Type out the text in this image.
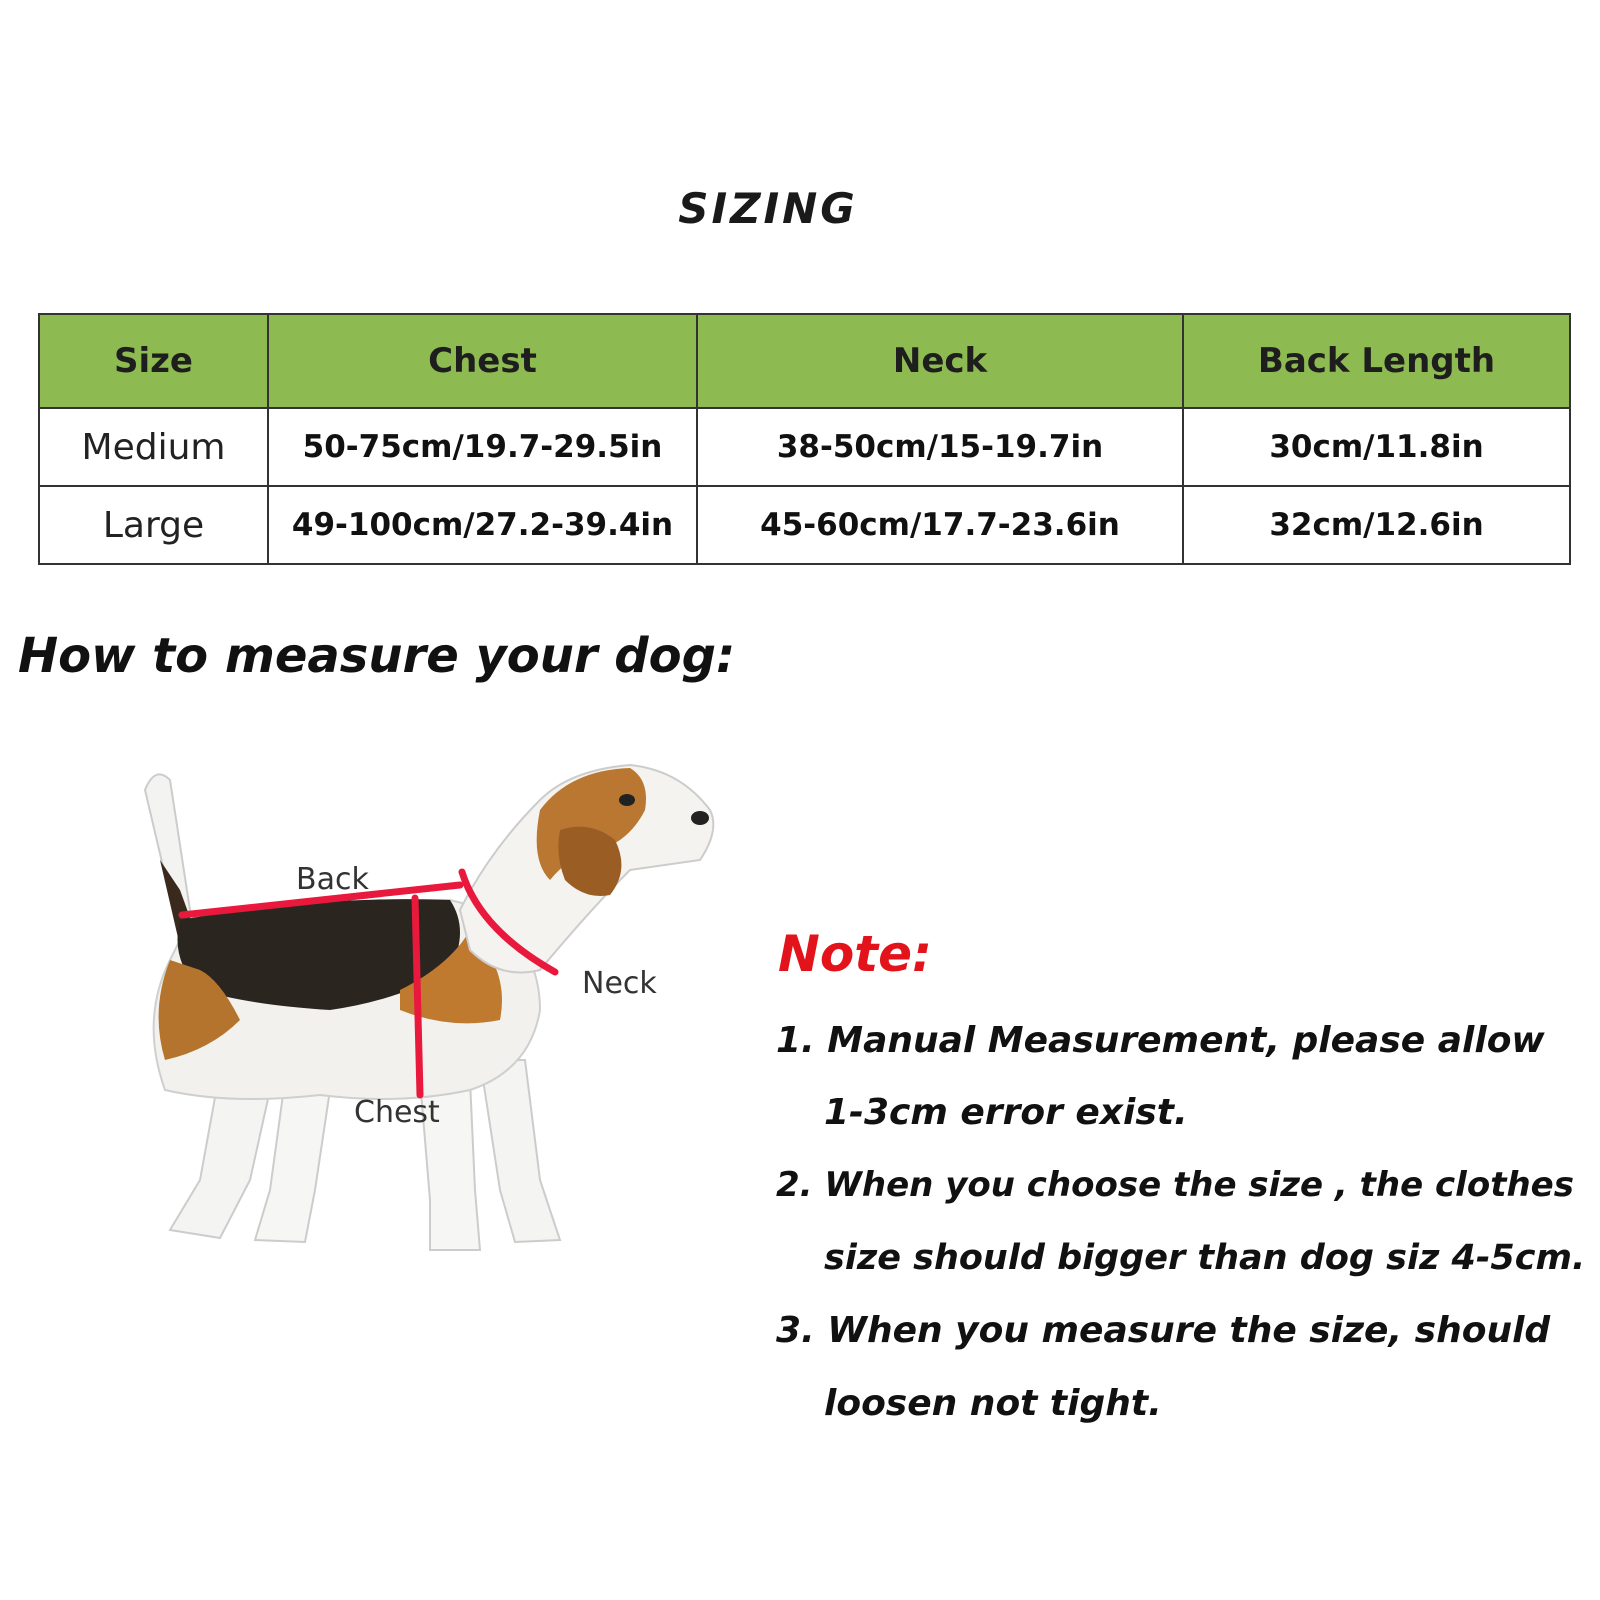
SIZING
Size	Chest	Neck	Back Length
Medium	50-75cm/19.7-29.5in	38-50cm/15-19.7in	30cm/11.8in
Large	49-100cm/27.2-39.4in	45-60cm/17.7-23.6in	32cm/12.6in
How to measure your dog:
Back
Neck
Chest
Note:
1. Manual Measurement, please allow
1-3cm error exist.
2. When you choose the size , the clothes
size should bigger than dog siz 4-5cm.
3. When you measure the size, should
loosen not tight.
